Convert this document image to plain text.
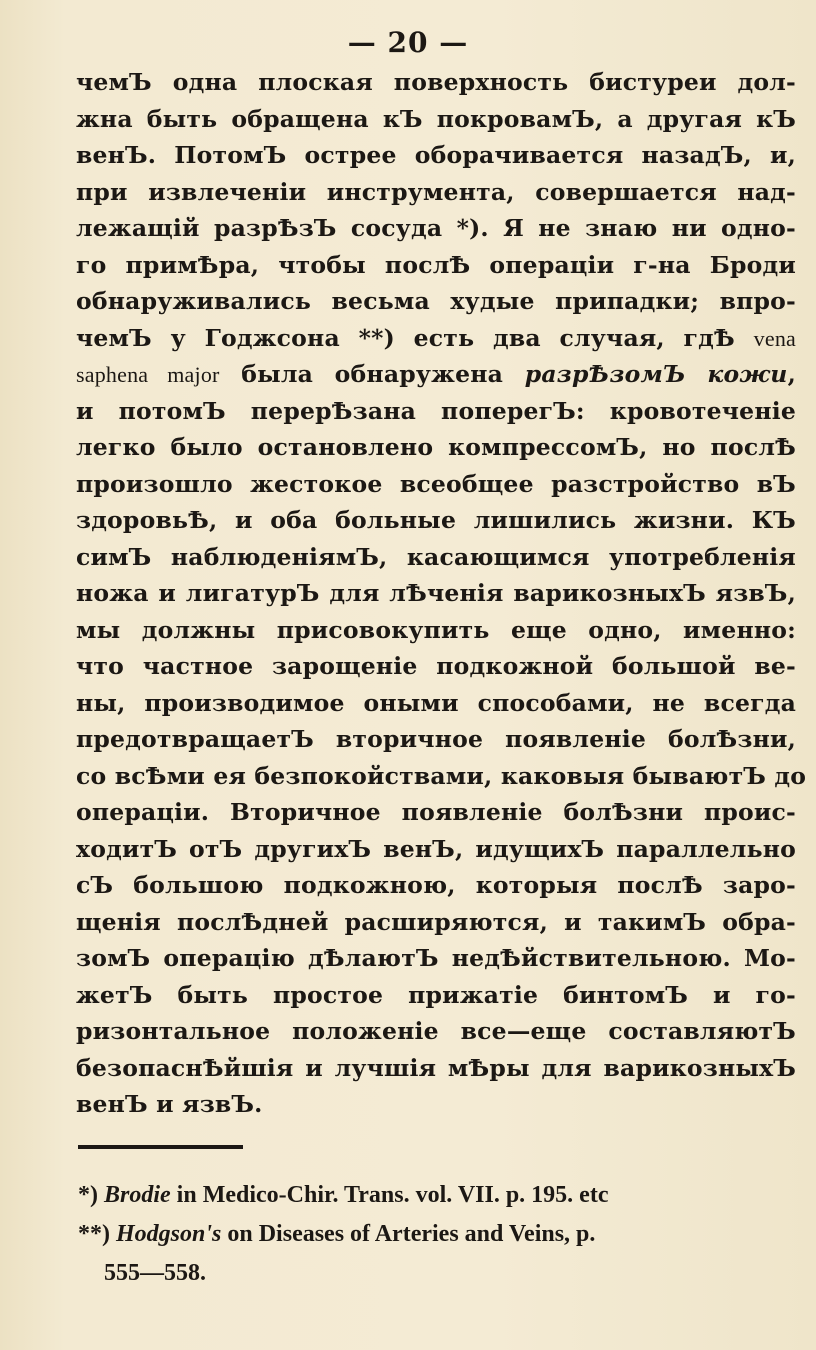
— 20 —
чемЪ одна плоская поверхность бистуреи дол-
жна быть обращена кЪ покровамЪ, а другая кЪ
венЪ. ПотомЪ острее оборачивается назадЪ, и,
при извлеченіи инструмента, совершается над-
лежащій разрѢзЪ сосуда *). Я не знаю ни одно-
го примѢра, чтобы послѢ операціи г-на Броди
обнаруживались весьма худые припадки; впро-
чемЪ у Годжсона **) есть два случая, гдѢ vena
saphena major была обнаружена разрѢзомЪ кожи,
и потомЪ перерѢзана поперегЪ: кровотеченіе
легко было остановлено компрессомЪ, но послѢ
произошло жестокое всеобщее разстройство вЪ
здоровьѢ, и оба больные лишились жизни. КЪ
симЪ наблюденіямЪ, касающимся употребленія
ножа и лигатурЪ для лѢченія варикозныхЪ язвЪ,
мы должны присовокупить еще одно, именно:
что частное зарощеніе подкожной большой ве-
ны, производимое оными способами, не всегда
предотвращаетЪ вторичное появленіе болѢзни,
со всѢми ея безпокойствами, каковыя бываютЪ до
операціи. Вторичное появленіе болѢзни проис-
ходитЪ отЪ другихЪ венЪ, идущихЪ параллельно
сЪ большою подкожною, которыя послѢ заро-
щенія послѢдней расширяются, и такимЪ обра-
зомЪ операцію дѢлаютЪ недѢйствительною. Мо-
жетЪ быть простое прижатіе бинтомЪ и го-
ризонтальное положеніе все—еще составляютЪ
безопаснѢйшія и лучшія мѢры для варикозныхЪ
венЪ и язвЪ.
*) Brodie in Medico-Chir. Trans. vol. VII. p. 195. etc
**) Hodgson's on Diseases of Arteries and Veins, p.
555—558.
